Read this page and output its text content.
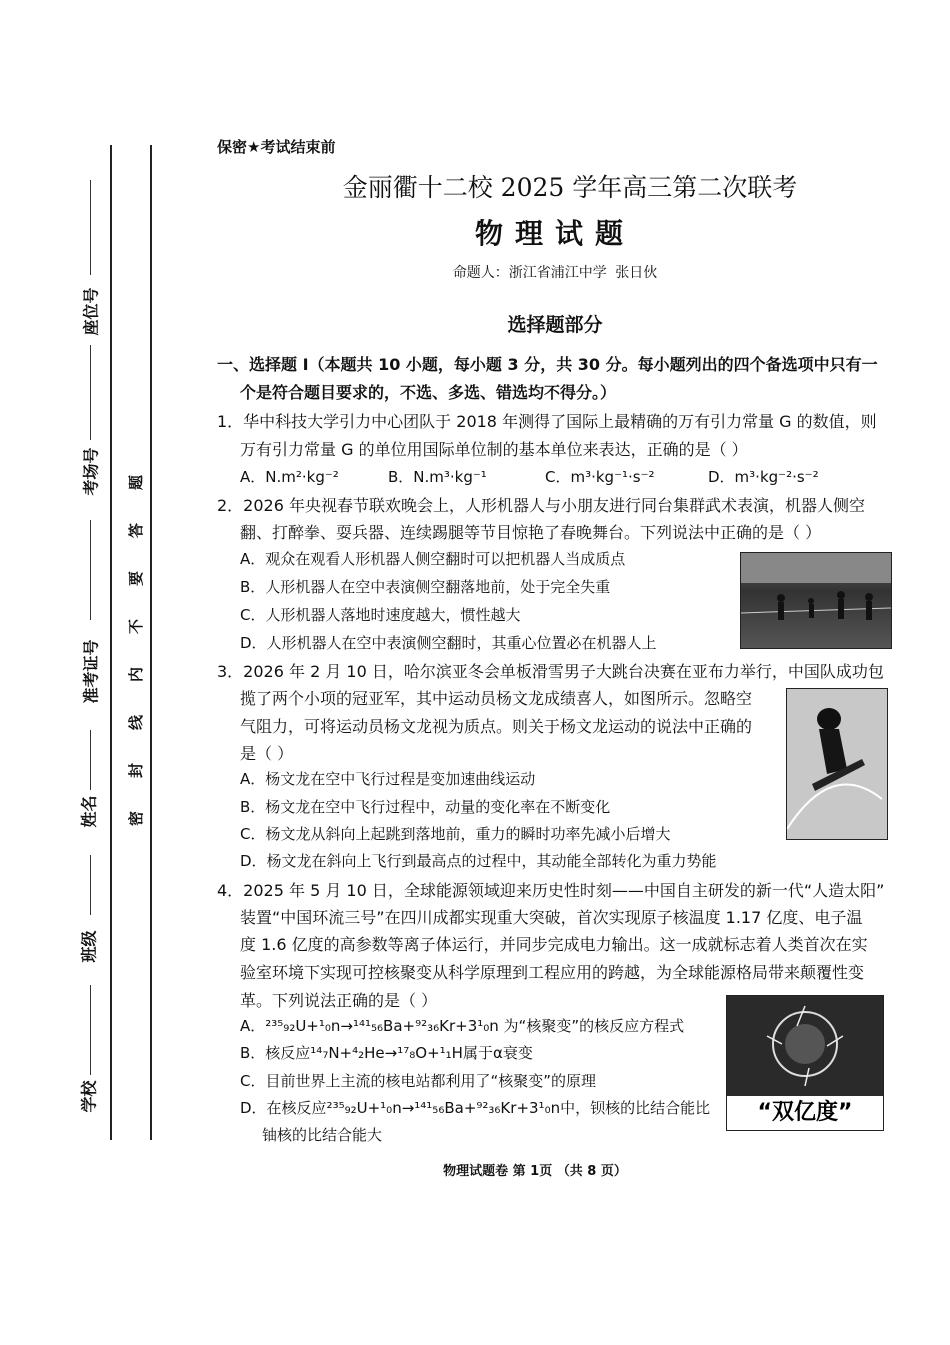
座位号
考场号
准考证号
姓名
班级
学校
题
答
要
不
内
线
封
密
保密★考试结束前
金丽衢十二校 2025 学年高三第二次联考
物理试题
命题人：浙江省浦江中学 张日伙
选择题部分
一、选择题 I（本题共 10 小题，每小题 3 分，共 30 分。每小题列出的四个备选项中只有一
个是符合题目要求的，不选、多选、错选均不得分。）
1．华中科技大学引力中心团队于 2018 年测得了国际上最精确的万有引力常量 G 的数值，则
万有引力常量 G 的单位用国际单位制的基本单位来表达，正确的是（ ）
A．N.m²·kg⁻²	B．N.m³·kg⁻¹	C．m³·kg⁻¹·s⁻²	D．m³·kg⁻²·s⁻²
2．2026 年央视春节联欢晚会上，人形机器人与小朋友进行同台集群武术表演，机器人侧空
翻、打醉拳、耍兵器、连续踢腿等节目惊艳了春晚舞台。下列说法中正确的是（ ）
A．观众在观看人形机器人侧空翻时可以把机器人当成质点
B．人形机器人在空中表演侧空翻落地前，处于完全失重
C．人形机器人落地时速度越大，惯性越大
D．人形机器人在空中表演侧空翻时，其重心位置必在机器人上
3．2026 年 2 月 10 日，哈尔滨亚冬会单板滑雪男子大跳台决赛在亚布力举行，中国队成功包
揽了两个小项的冠亚军，其中运动员杨文龙成绩喜人，如图所示。忽略空
气阻力，可将运动员杨文龙视为质点。则关于杨文龙运动的说法中正确的
是（ ）
A．杨文龙在空中飞行过程是变加速曲线运动
B．杨文龙在空中飞行过程中，动量的变化率在不断变化
C．杨文龙从斜向上起跳到落地前，重力的瞬时功率先减小后增大
D．杨文龙在斜向上飞行到最高点的过程中，其动能全部转化为重力势能
4．2025 年 5 月 10 日，全球能源领域迎来历史性时刻——中国自主研发的新一代“人造太阳”
装置“中国环流三号”在四川成都实现重大突破，首次实现原子核温度 1.17 亿度、电子温
度 1.6 亿度的高参数等离子体运行，并同步完成电力输出。这一成就标志着人类首次在实
验室环境下实现可控核聚变从科学原理到工程应用的跨越，为全球能源格局带来颠覆性变
革。下列说法正确的是（ ）
A．²³⁵₉₂U+¹₀n→¹⁴¹₅₆Ba+⁹²₃₆Kr+3¹₀n 为“核聚变”的核反应方程式
B．核反应¹⁴₇N+⁴₂He→¹⁷₈O+¹₁H属于α衰变
C．目前世界上主流的核电站都利用了“核聚变”的原理
D．在核反应²³⁵₉₂U+¹₀n→¹⁴¹₅₆Ba+⁹²₃₆Kr+3¹₀n中，钡核的比结合能比
铀核的比结合能大
“双亿度”
物理试题卷 第 1页 （共 8 页）
